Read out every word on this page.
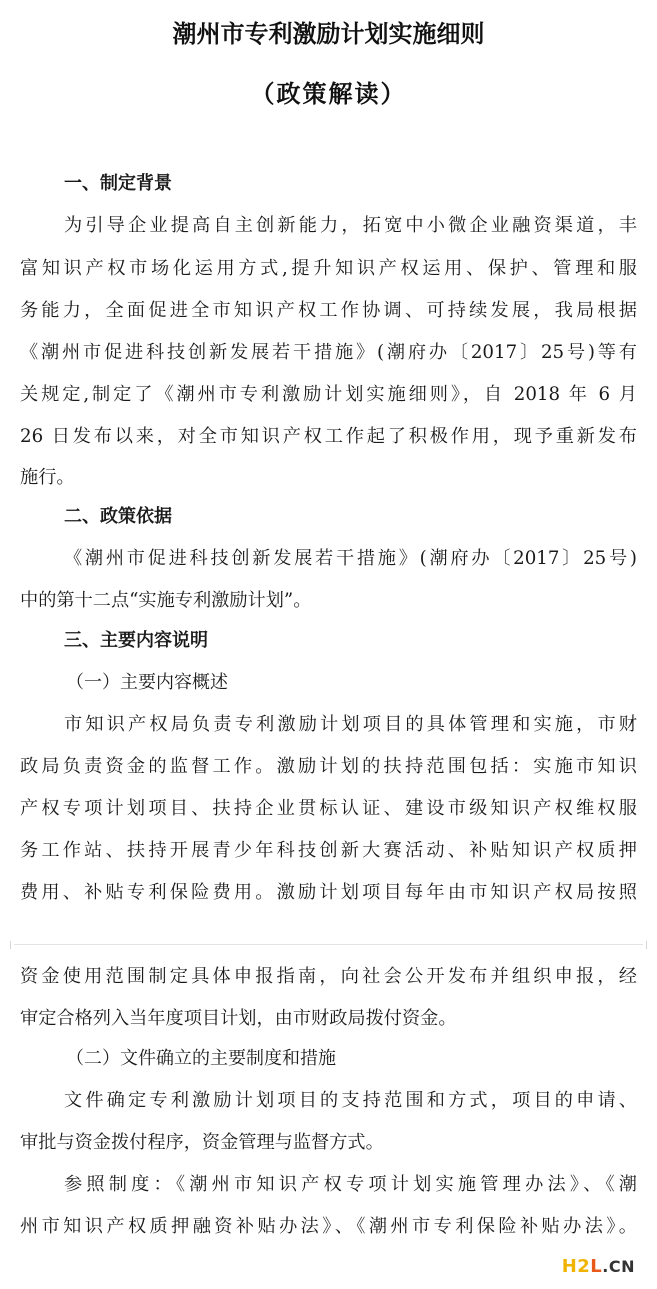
潮州市专利激励计划实施细则
（政策解读）
一、制定背景
为引导企业提高自主创新能力，拓宽中小微企业融资渠道，丰
富知识产权市场化运用方式,提升知识产权运用、保护、管理和服
务能力，全面促进全市知识产权工作协调、可持续发展，我局根据
《潮州市促进科技创新发展若干措施》(潮府办〔2017〕25号)等有
关规定,制定了《潮州市专利激励计划实施细则》，自 2018 年 6 月
26 日发布以来，对全市知识产权工作起了积极作用，现予重新发布
施行。
二、政策依据
《潮州市促进科技创新发展若干措施》(潮府办〔2017〕25号)
中的第十二点“实施专利激励计划”。
三、主要内容说明
（一）主要内容概述
市知识产权局负责专利激励计划项目的具体管理和实施，市财
政局负责资金的监督工作。激励计划的扶持范围包括：实施市知识
产权专项计划项目、扶持企业贯标认证、建设市级知识产权维权服
务工作站、扶持开展青少年科技创新大赛活动、补贴知识产权质押
费用、补贴专利保险费用。激励计划项目每年由市知识产权局按照
资金使用范围制定具体申报指南，向社会公开发布并组织申报，经
审定合格列入当年度项目计划，由市财政局拨付资金。
（二）文件确立的主要制度和措施
文件确定专利激励计划项目的支持范围和方式，项目的申请、
审批与资金拨付程序，资金管理与监督方式。
参照制度：《潮州市知识产权专项计划实施管理办法》、《潮
州市知识产权质押融资补贴办法》、《潮州市专利保险补贴办法》。
H2L.CN
